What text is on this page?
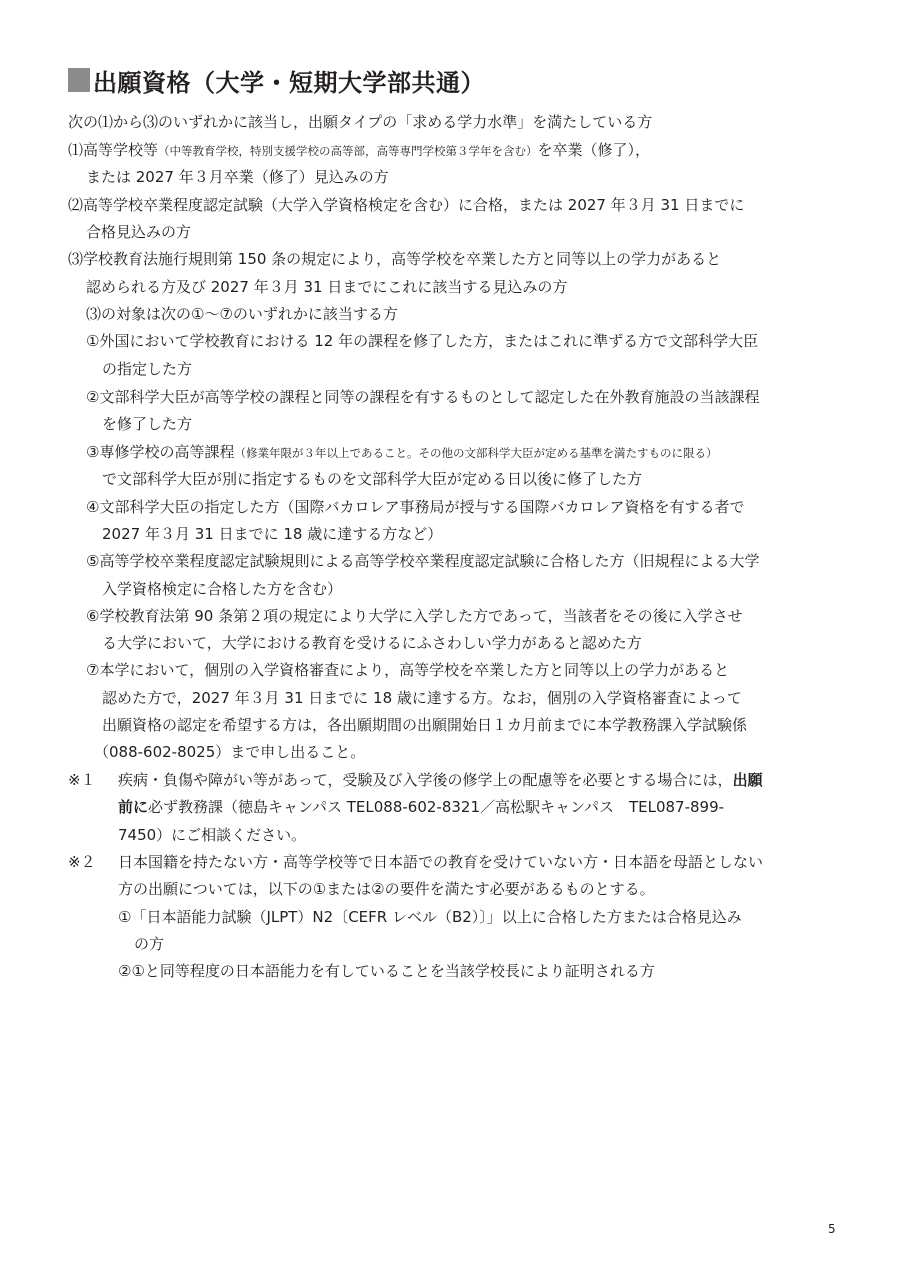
出願資格（大学・短期大学部共通）
次の⑴から⑶のいずれかに該当し，出願タイプの「求める学力水準」を満たしている方
⑴高等学校等（中等教育学校，特別支援学校の高等部，高等専門学校第３学年を含む）を卒業（修了），
または 2027 年３月卒業（修了）見込みの方
⑵高等学校卒業程度認定試験（大学入学資格検定を含む）に合格，または 2027 年３月 31 日までに
合格見込みの方
⑶学校教育法施行規則第 150 条の規定により，高等学校を卒業した方と同等以上の学力があると
認められる方及び 2027 年３月 31 日までにこれに該当する見込みの方
⑶の対象は次の①～⑦のいずれかに該当する方
①外国において学校教育における 12 年の課程を修了した方，またはこれに準ずる方で文部科学大臣
の指定した方
②文部科学大臣が高等学校の課程と同等の課程を有するものとして認定した在外教育施設の当該課程
を修了した方
③専修学校の高等課程（修業年限が３年以上であること。その他の文部科学大臣が定める基準を満たすものに限る）
で文部科学大臣が別に指定するものを文部科学大臣が定める日以後に修了した方
④文部科学大臣の指定した方（国際バカロレア事務局が授与する国際バカロレア資格を有する者で
2027 年３月 31 日までに 18 歳に達する方など）
⑤高等学校卒業程度認定試験規則による高等学校卒業程度認定試験に合格した方（旧規程による大学
入学資格検定に合格した方を含む）
⑥学校教育法第 90 条第２項の規定により大学に入学した方であって，当該者をその後に入学させ
る大学において，大学における教育を受けるにふさわしい学力があると認めた方
⑦本学において，個別の入学資格審査により，高等学校を卒業した方と同等以上の学力があると
認めた方で，2027 年３月 31 日までに 18 歳に達する方。なお，個別の入学資格審査によって
出願資格の認定を希望する方は，各出願期間の出願開始日１カ月前までに本学教務課入学試験係
（088-602-8025）まで申し出ること。
※１ 疾病・負傷や障がい等があって，受験及び入学後の修学上の配慮等を必要とする場合には，出願
前に必ず教務課（徳島キャンパス TEL088-602-8321／高松駅キャンパス　TEL087-899-
7450）にご相談ください。
※２ 日本国籍を持たない方・高等学校等で日本語での教育を受けていない方・日本語を母語としない
方の出願については，以下の①または②の要件を満たす必要があるものとする。
①「日本語能力試験（JLPT）N2〔CEFR レベル（B2）〕」以上に合格した方または合格見込み
の方
②①と同等程度の日本語能力を有していることを当該学校長により証明される方
5
